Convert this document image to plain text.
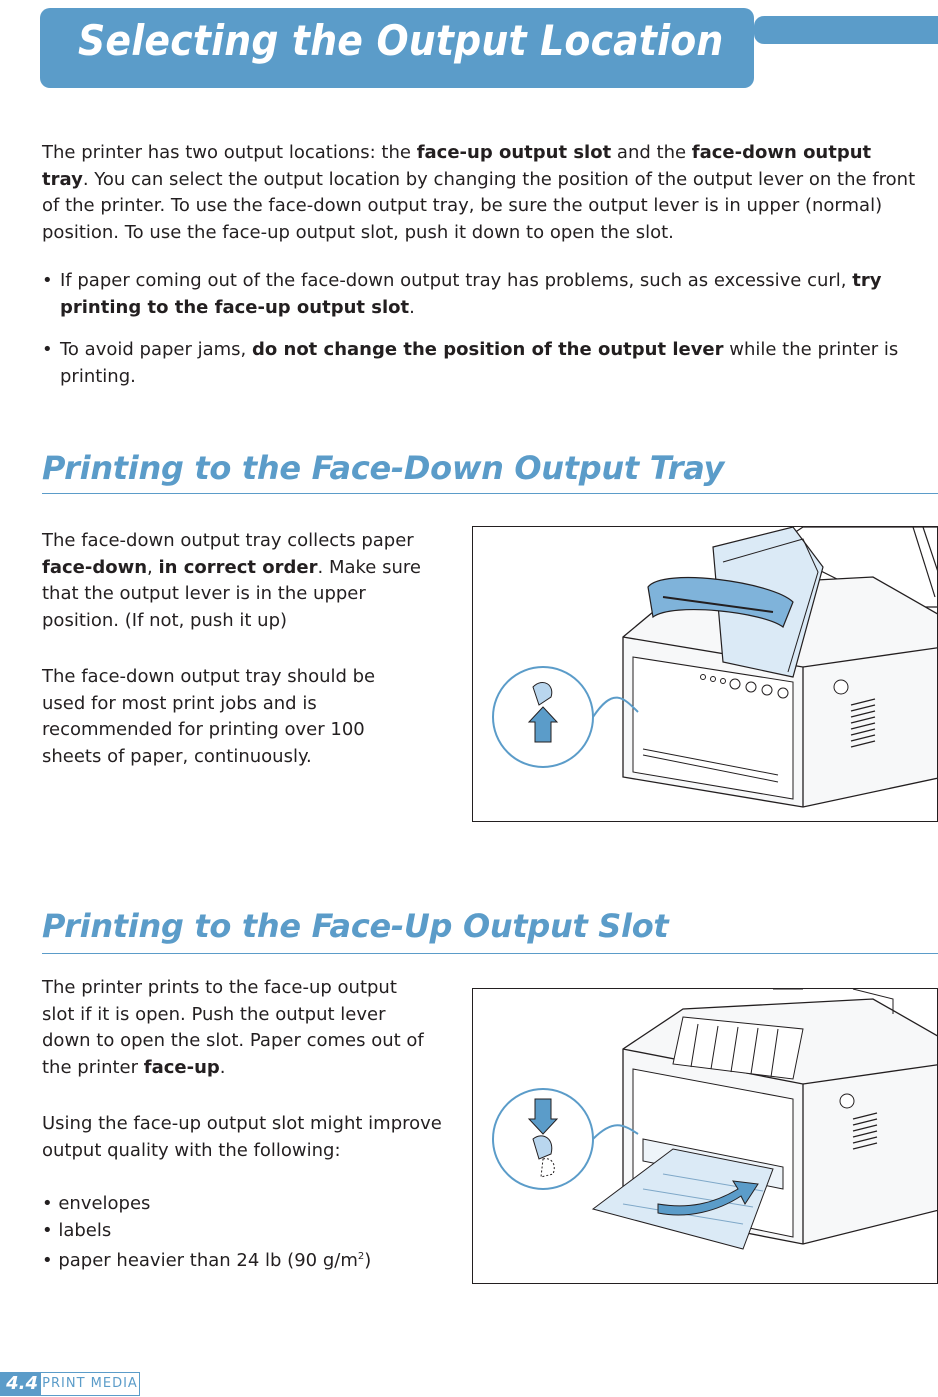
Selecting the Output Location

The printer has two output locations: the face-up output slot and the face-down output tray. You can select the output location by changing the position of the output lever on the front of the printer. To use the face-down output tray, be sure the output lever is in upper (normal) position. To use the face-up output slot, push it down to open the slot.

• If paper coming out of the face-down output tray has problems, such as excessive curl, try printing to the face-up output slot.
• To avoid paper jams, do not change the position of the output lever while the printer is printing.
Printing to the Face-Down Output Tray

The face-down output tray collects paper face-down, in correct order. Make sure that the output lever is in the upper position. (If not, push it up)

The face-down output tray should be used for most print jobs and is recommended for printing over 100 sheets of paper, continuously.

Printing to the Face-Up Output Slot

The printer prints to the face-up output slot if it is open. Push the output lever down to open the slot. Paper comes out of the printer face-up.

Using the face-up output slot might improve output quality with the following:

• envelopes
• labels
• paper heavier than 24 lb (90 $g/m^2$)
4.4 PRINT MEDIA
